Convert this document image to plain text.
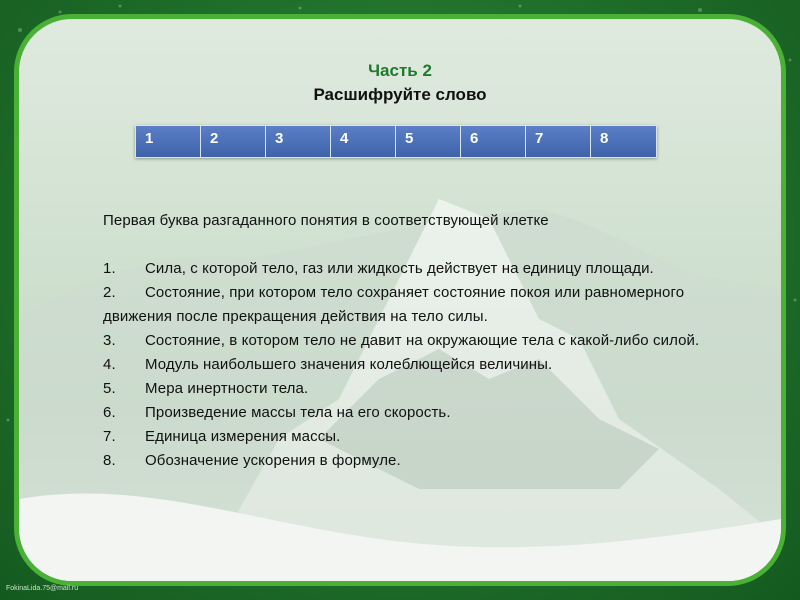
Часть 2
Расшифруйте слово
1	2	3	4	5	6	7	8

Первая буква разгаданного понятия в соответствующей клетке

1. Сила, с которой тело, газ или жидкость действует на единицу площади.

2. Состояние, при котором тело сохраняет состояние покоя или равномерного движения после прекращения действия на тело силы.

3. Состояние, в котором тело не давит на окружающие тела с какой-либо силой.

4. Модуль наибольшего значения колеблющейся величины.

5. Мера инертности тела.

6. Произведение массы тела на его скорость.

7. Единица измерения массы.

8. Обозначение ускорения в формуле.

FokinaLida.75@mail.ru
